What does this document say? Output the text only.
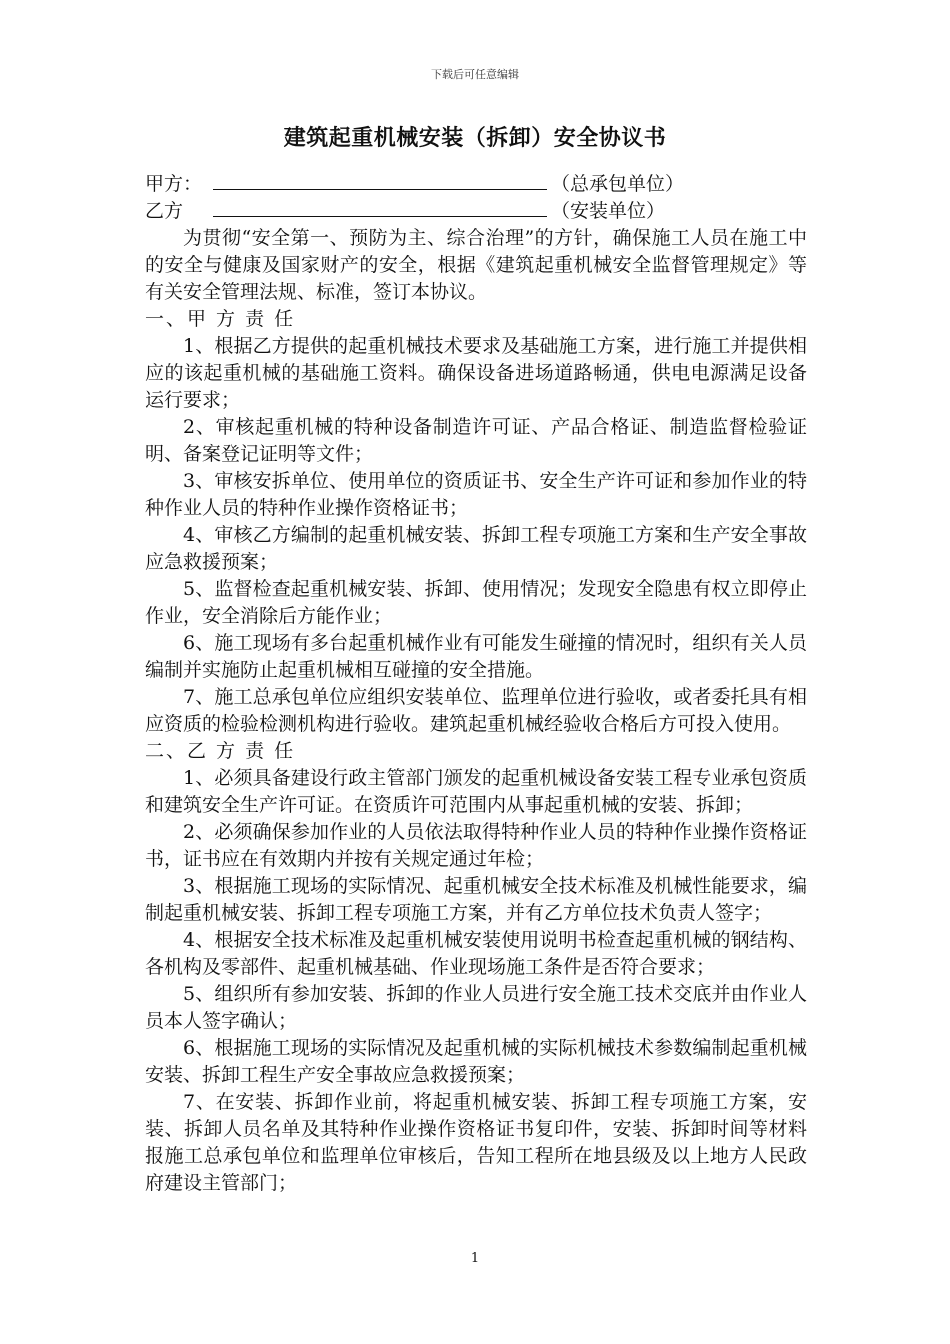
下载后可任意编辑
建筑起重机械安装（拆卸）安全协议书
甲方：	（总承包单位）
乙方	（安装单位）

为贯彻“安全第一、预防为主、综合治理”的方针，确保施工人员在施工中的安全与健康及国家财产的安全，根据《建筑起重机械安全监督管理规定》等有关安全管理法规、标准，签订本协议。

一、甲 方 责 任

1、根据乙方提供的起重机械技术要求及基础施工方案，进行施工并提供相应的该起重机械的基础施工资料。确保设备进场道路畅通，供电电源满足设备运行要求；

2、审核起重机械的特种设备制造许可证、产品合格证、制造监督检验证明、备案登记证明等文件；

3、审核安拆单位、使用单位的资质证书、安全生产许可证和参加作业的特种作业人员的特种作业操作资格证书；

4、审核乙方编制的起重机械安装、拆卸工程专项施工方案和生产安全事故应急救援预案；

5、监督检查起重机械安装、拆卸、使用情况；发现安全隐患有权立即停止作业，安全消除后方能作业；

6、施工现场有多台起重机械作业有可能发生碰撞的情况时，组织有关人员编制并实施防止起重机械相互碰撞的安全措施。

7、施工总承包单位应组织安装单位、监理单位进行验收，或者委托具有相应资质的检验检测机构进行验收。建筑起重机械经验收合格后方可投入使用。

二、乙 方 责 任

1、必须具备建设行政主管部门颁发的起重机械设备安装工程专业承包资质和建筑安全生产许可证。在资质许可范围内从事起重机械的安装、拆卸；

2、必须确保参加作业的人员依法取得特种作业人员的特种作业操作资格证书，证书应在有效期内并按有关规定通过年检；

3、根据施工现场的实际情况、起重机械安全技术标准及机械性能要求，编制起重机械安装、拆卸工程专项施工方案，并有乙方单位技术负责人签字；

4、根据安全技术标准及起重机械安装使用说明书检查起重机械的钢结构、各机构及零部件、起重机械基础、作业现场施工条件是否符合要求；

5、组织所有参加安装、拆卸的作业人员进行安全施工技术交底并由作业人员本人签字确认；

6、根据施工现场的实际情况及起重机械的实际机械技术参数编制起重机械安装、拆卸工程生产安全事故应急救援预案；

7、在安装、拆卸作业前，将起重机械安装、拆卸工程专项施工方案，安装、拆卸人员名单及其特种作业操作资格证书复印件，安装、拆卸时间等材料报施工总承包单位和监理单位审核后，告知工程所在地县级及以上地方人民政府建设主管部门；

1
